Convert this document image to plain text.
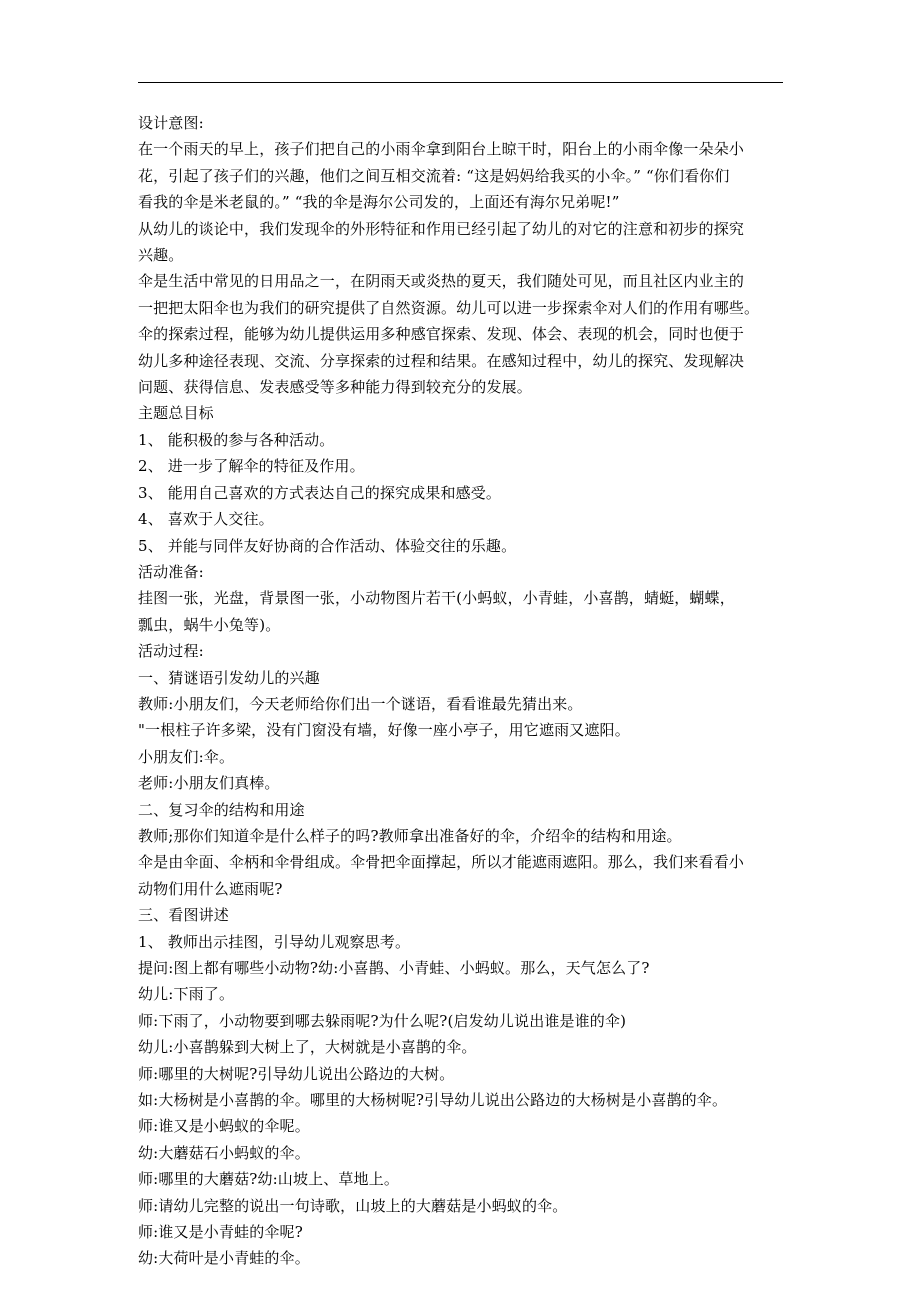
设计意图:

在一个雨天的早上，孩子们把自己的小雨伞拿到阳台上晾干时，阳台上的小雨伞像一朵朵小

花，引起了孩子们的兴趣，他们之间互相交流着: “这是妈妈给我买的小伞。” “你们看你们

看我的伞是米老鼠的。” “我的伞是海尔公司发的，上面还有海尔兄弟呢!”

从幼儿的谈论中，我们发现伞的外形特征和作用已经引起了幼儿的对它的注意和初步的探究

兴趣。

伞是生活中常见的日用品之一，在阴雨天或炎热的夏天，我们随处可见，而且社区内业主的

一把把太阳伞也为我们的研究提供了自然资源。幼儿可以进一步探索伞对人们的作用有哪些。

伞的探索过程，能够为幼儿提供运用多种感官探索、发现、体会、表现的机会，同时也便于

幼儿多种途径表现、交流、分享探索的过程和结果。在感知过程中，幼儿的探究、发现解决

问题、获得信息、发表感受等多种能力得到较充分的发展。

主题总目标

1、 能积极的参与各种活动。

2、 进一步了解伞的特征及作用。

3、 能用自己喜欢的方式表达自己的探究成果和感受。

4、 喜欢于人交往。

5、 并能与同伴友好协商的合作活动、体验交往的乐趣。

活动准备:

挂图一张，光盘，背景图一张，小动物图片若干(小蚂蚁，小青蛙，小喜鹊，蜻蜓，蝴蝶，

瓢虫，蜗牛小兔等)。

活动过程:

一、猜谜语引发幼儿的兴趣

教师:小朋友们，今天老师给你们出一个谜语，看看谁最先猜出来。

"一根柱子许多梁，没有门窗没有墙，好像一座小亭子，用它遮雨又遮阳。

小朋友们:伞。

老师:小朋友们真棒。

二、复习伞的结构和用途

教师;那你们知道伞是什么样子的吗?教师拿出准备好的伞，介绍伞的结构和用途。

伞是由伞面、伞柄和伞骨组成。伞骨把伞面撑起，所以才能遮雨遮阳。那么，我们来看看小

动物们用什么遮雨呢?

三、看图讲述

1、 教师出示挂图，引导幼儿观察思考。

提问:图上都有哪些小动物?幼:小喜鹊、小青蛙、小蚂蚁。那么，天气怎么了?

幼儿:下雨了。

师:下雨了，小动物要到哪去躲雨呢?为什么呢?(启发幼儿说出谁是谁的伞)

幼儿:小喜鹊躲到大树上了，大树就是小喜鹊的伞。

师:哪里的大树呢?引导幼儿说出公路边的大树。

如:大杨树是小喜鹊的伞。哪里的大杨树呢?引导幼儿说出公路边的大杨树是小喜鹊的伞。

师:谁又是小蚂蚁的伞呢。

幼:大蘑菇石小蚂蚁的伞。

师:哪里的大蘑菇?幼:山坡上、草地上。

师:请幼儿完整的说出一句诗歌，山坡上的大蘑菇是小蚂蚁的伞。

师:谁又是小青蛙的伞呢?

幼:大荷叶是小青蛙的伞。
